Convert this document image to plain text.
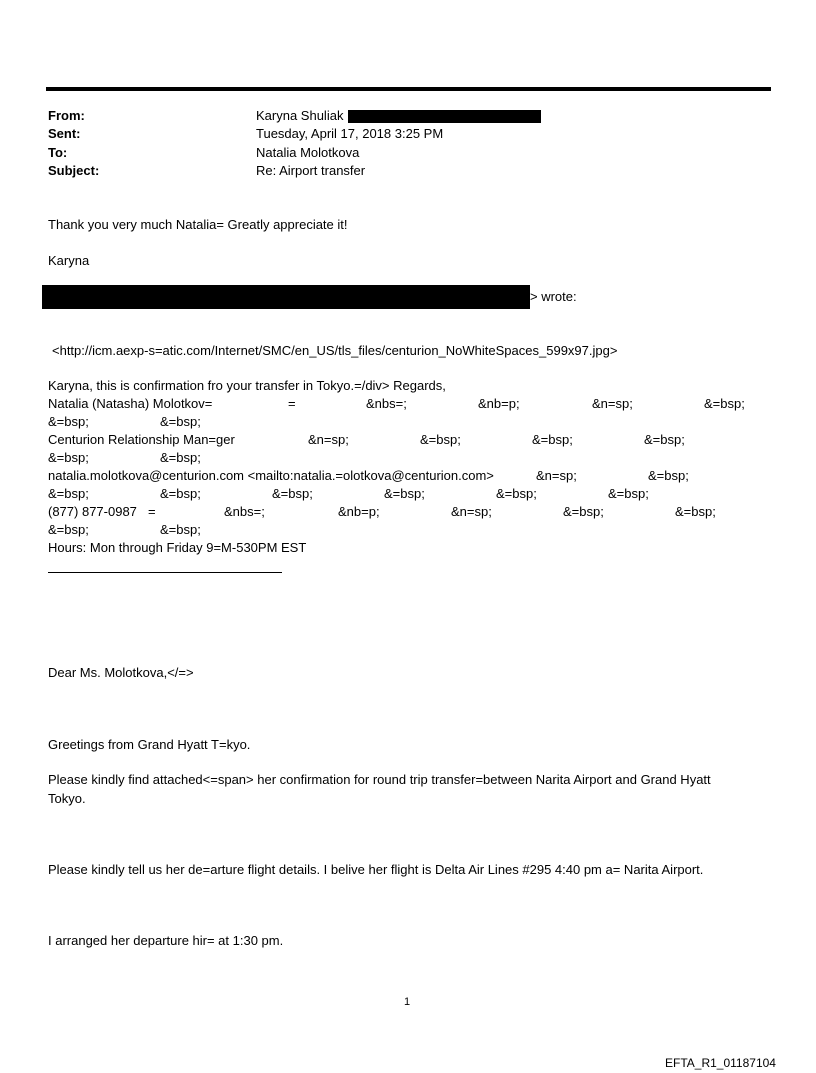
From:	Karyna Shuliak
Sent:	Tuesday, April 17, 2018 3:25 PM
To:	Natalia Molotkova
Subject:	Re: Airport transfer
Thank you very much Natalia= Greatly appreciate it!
Karyna
> wrote:
<http://icm.aexp-s=atic.com/Internet/SMC/en_US/tls_files/centurion_NoWhiteSpaces_599x97.jpg>
Karyna, this is confirmation fro your transfer in Tokyo.=/div> Regards,
Natalia (Natasha) Molotkov=	=	&nbs=;	&nb=p;	&n=sp;	&=bsp;
&=bsp;	&=bsp;
Centurion Relationship Man=ger	&n=sp;	&=bsp;	&=bsp;	&=bsp;
&=bsp;	&=bsp;
natalia.molotkova@centurion.com <mailto:natalia.=olotkova@centurion.com>	&n=sp;	&=bsp;
&=bsp;	&=bsp;	&=bsp;	&=bsp;	&=bsp;	&=bsp;
(877) 877-0987 =	&nbs=;	&nb=p;	&n=sp;	&=bsp;	&=bsp;
&=bsp;	&=bsp;
Hours: Mon through Friday 9=M-530PM EST
Dear Ms. Molotkova,</=>
Greetings from Grand Hyatt T=kyo.
Please kindly find attached<=span> her confirmation for round trip transfer=between Narita Airport and Grand Hyatt
Tokyo.
Please kindly tell us her de=arture flight details. I belive her flight is Delta Air Lines #295 4:40 pm a= Narita Airport.
I arranged her departure hir= at 1:30 pm.
1
EFTA_R1_01187104
